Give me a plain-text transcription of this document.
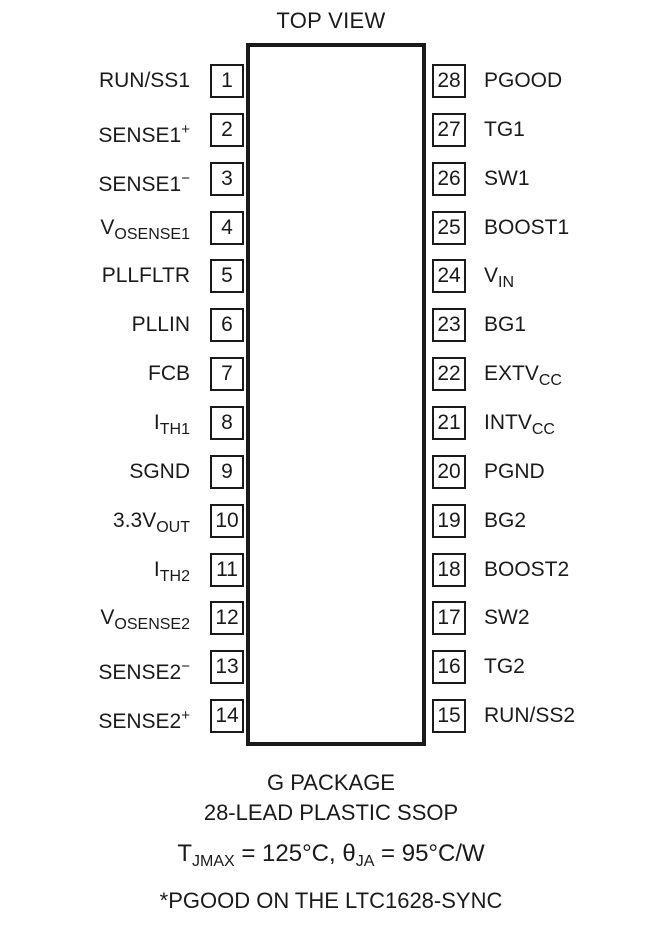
TOP VIEW
1
RUN/SS1
2
SENSE1+
3
SENSE1−
4
$V_{OSENSE1}$
5
PLLFLTR
6
PLLIN
7
FCB
8
$I_{TH1}$
9
SGND
10
$3.3V_{OUT}$
11
$I_{TH2}$
12
$V_{OSENSE2}$
13
SENSE2−
14
SENSE2+	15 RUN/SS2
16 TG2
17 SW2
18 BOOST2
19 BG2
20 PGND
21 $INTV_{CC}$
22 $EXTV_{CC}$
23 BG1
24 $V_{IN}$
25 BOOST1
26 SW1
27 TG1
28 PGOOD
G PACKAGE
28-LEAD PLASTIC SSOP
$T_{JMAX} = 125^\circ C$, $\theta_{JA} = 95^\circ C/W$
*PGOOD ON THE LTC1628-SYNC
